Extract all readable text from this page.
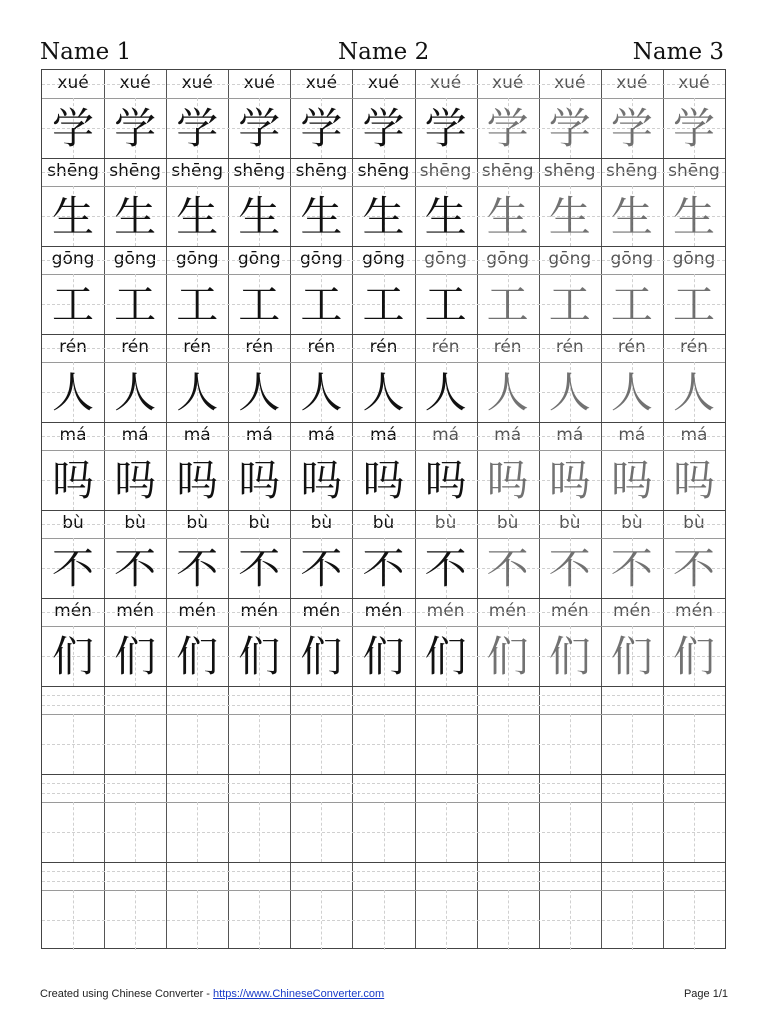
Name 1	Name 2	Name 3
xué	xué	xué	xué	xué	xué	xué	xué	xué	xué	xué
学 学 学 学 学 学 学 学 学 学 学
shēng shēng shēng shēng shēng shēng shēng shēng shēng shēng shēng
生 生 生 生 生 生 生 生 生 生 生
gōng	gōng	gōng	gōng	gōng	gōng	gōng	gōng	gōng	gōng	gōng
工 工 工 工 工 工 工 工 工 工 工
rén	rén	rén	rén	rén	rén	rén	rén	rén	rén	rén
人 人 人 人 人 人 人 人 人 人 人
má	má	má	má	má	má	má	má	má	má	má
吗 吗 吗 吗 吗 吗 吗 吗 吗 吗 吗
bù	bù	bù	bù	bù	bù	bù	bù	bù	bù	bù
不 不 不 不 不 不 不 不 不 不 不
mén	mén	mén	mén	mén	mén	mén	mén	mén	mén	mén
们 们 们 们 们 们 们 们 们 们 们
Created using Chinese Converter - https://www.ChineseConverter.com	Page 1/1
